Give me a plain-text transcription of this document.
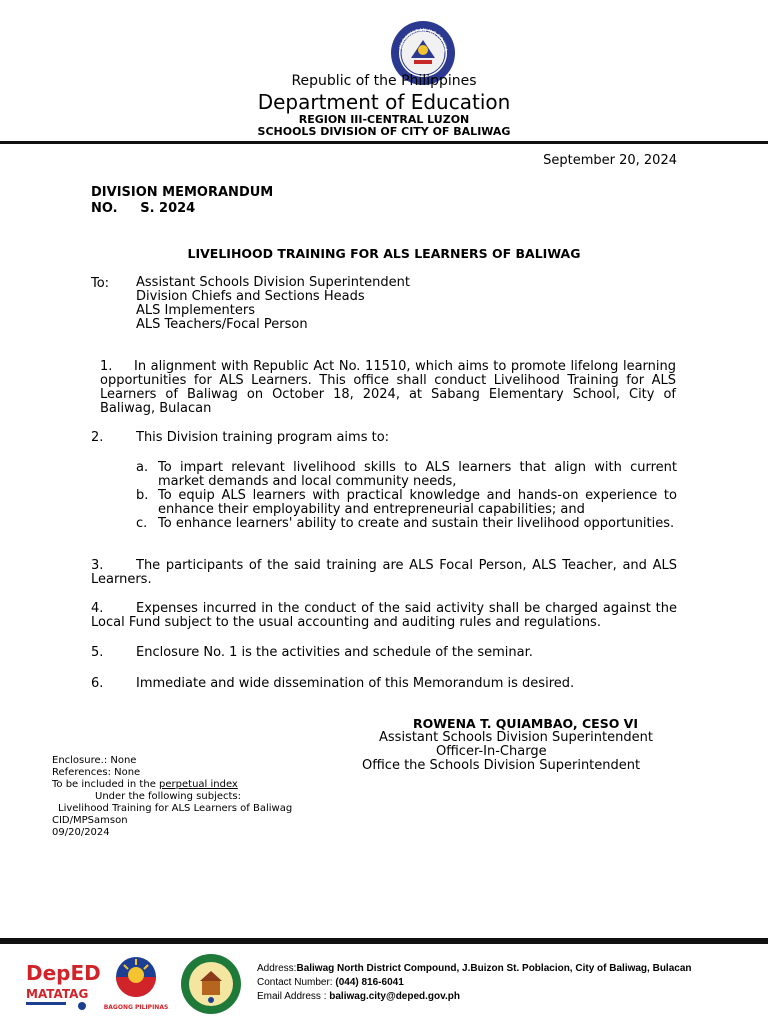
KAGAWARAN NG EDUKA
Republic of the Philippines
Department of Education
REGION III-CENTRAL LUZON
SCHOOLS DIVISION OF CITY OF BALIWAG
September 20, 2024
DIVISION MEMORANDUM
NO.     S. 2024
LIVELIHOOD TRAINING FOR ALS LEARNERS OF BALIWAG
To: Assistant Schools Division Superintendent
Division Chiefs and Sections Heads
ALS Implementers
ALS Teachers/Focal Person
1. In alignment with Republic Act No. 11510, which aims to promote lifelong learning opportunities for ALS Learners. This office shall conduct Livelihood Training for ALS Learners of Baliwag on October 18, 2024, at Sabang Elementary School, City of Baliwag, Bulacan
2.	This Division training program aims to:
a. To impart relevant livelihood skills to ALS learners that align with current market demands and local community needs,
b. To equip ALS learners with practical knowledge and hands-on experience to enhance their employability and entrepreneurial capabilities; and
c. To enhance learners' ability to create and sustain their livelihood opportunities.
3.	The participants of the said training are ALS Focal Person, ALS Teacher, and ALS Learners.
4.	Expenses incurred in the conduct of the said activity shall be charged against the Local Fund subject to the usual accounting and auditing rules and regulations.
5.	Enclosure No. 1 is the activities and schedule of the seminar.
6.	Immediate and wide dissemination of this Memorandum is desired.
ROWENA T. QUIAMBAO, CESO VI
Assistant Schools Division Superintendent
Officer-In-Charge
Office the Schools Division Superintendent
Enclosure.: None
References: None
To be included in the perpetual index
Under the following subjects:
Livelihood Training for ALS Learners of Baliwag
CID/MPSamson
09/20/2024
DepED
MATATAG
BAGONG PILIPINAS
Address:Baliwag North District Compound, J.Buizon St. Poblacion, City of Baliwag, Bulacan
Contact Number: (044) 816-6041
Email Address : baliwag.city@deped.gov.ph
